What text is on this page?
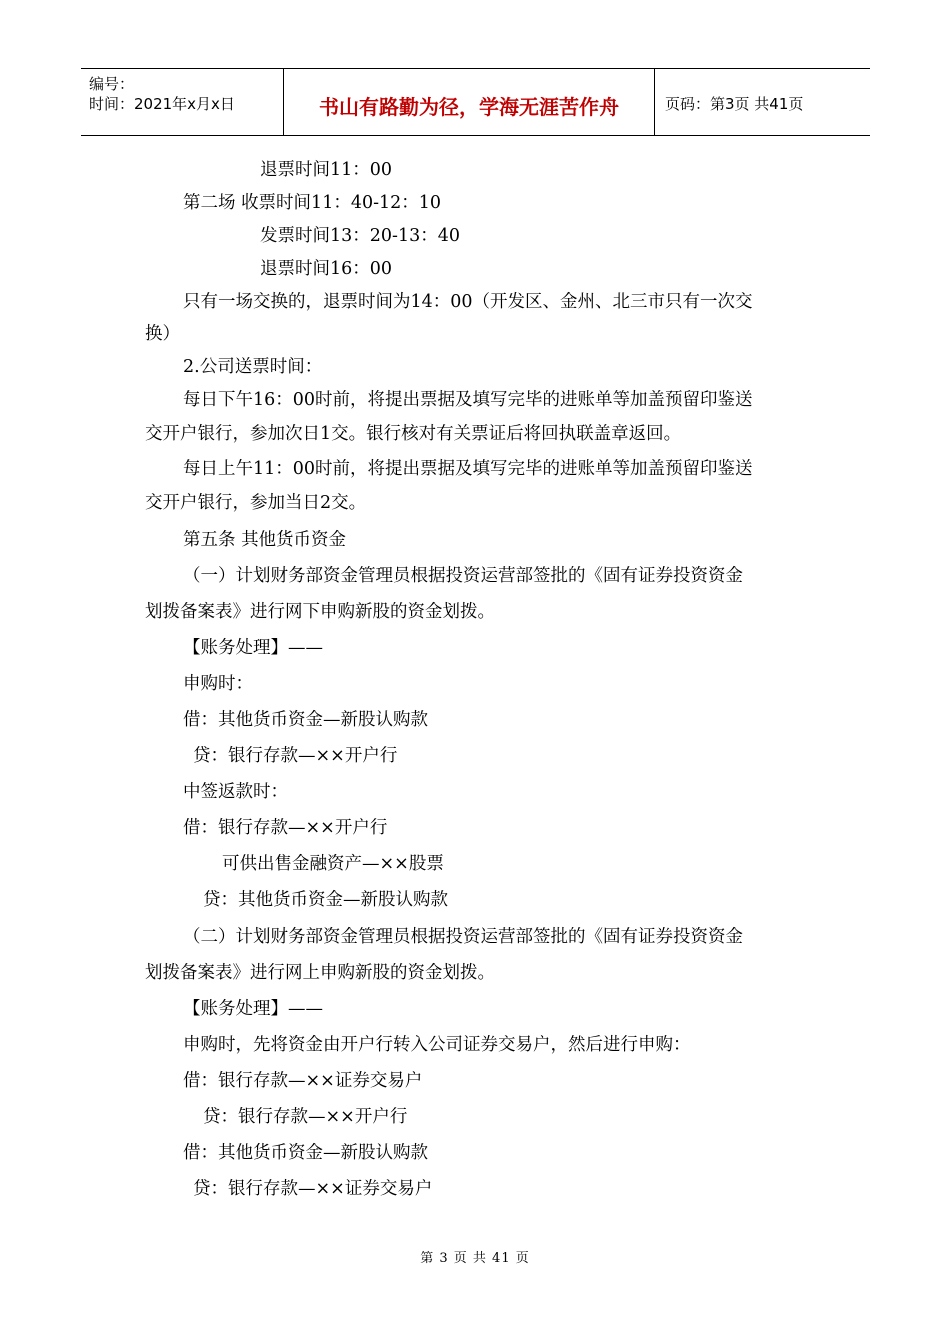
编号：
时间：2021年x月x日	书山有路勤为径，学海无涯苦作舟	页码：第3页 共41页
退票时间11：00
第二场 收票时间11：40-12：10
发票时间13：20-13：40
退票时间16：00
只有一场交换的，退票时间为14：00（开发区、金州、北三市只有一次交
换）
2.公司送票时间：
每日下午16：00时前，将提出票据及填写完毕的进账单等加盖预留印鉴送
交开户银行，参加次日1交。银行核对有关票证后将回执联盖章返回。
每日上午11：00时前，将提出票据及填写完毕的进账单等加盖预留印鉴送
交开户银行，参加当日2交。
第五条 其他货币资金
（一）计划财务部资金管理员根据投资运营部签批的《固有证券投资资金
划拨备案表》进行网下申购新股的资金划拨。
【账务处理】——
申购时：
借：其他货币资金—新股认购款
贷：银行存款—××开户行
中签返款时：
借：银行存款—××开户行
可供出售金融资产—××股票
贷：其他货币资金—新股认购款
（二）计划财务部资金管理员根据投资运营部签批的《固有证券投资资金
划拨备案表》进行网上申购新股的资金划拨。
【账务处理】——
申购时，先将资金由开户行转入公司证券交易户，然后进行申购：
借：银行存款—××证券交易户
贷：银行存款—××开户行
借：其他货币资金—新股认购款
贷：银行存款—××证券交易户
第 3 页 共 41 页
